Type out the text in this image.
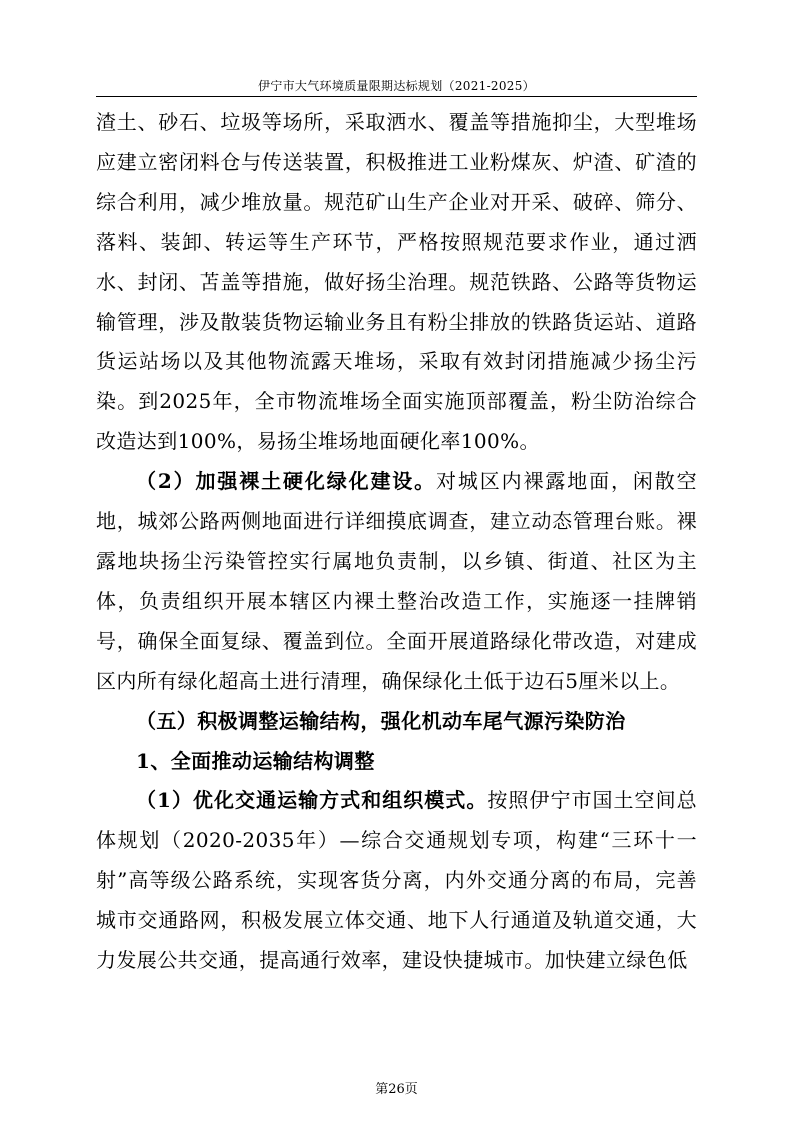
伊宁市大气环境质量限期达标规划（2021-2025）

渣土、砂石、垃圾等场所，采取洒水、覆盖等措施抑尘，大型堆场应建立密闭料仓与传送装置，积极推进工业粉煤灰、炉渣、矿渣的综合利用，减少堆放量。规范矿山生产企业对开采、破碎、筛分、落料、装卸、转运等生产环节，严格按照规范要求作业，通过洒水、封闭、苫盖等措施，做好扬尘治理。规范铁路、公路等货物运输管理，涉及散装货物运输业务且有粉尘排放的铁路货运站、道路货运站场以及其他物流露天堆场，采取有效封闭措施减少扬尘污染。到2025年，全市物流堆场全面实施顶部覆盖，粉尘防治综合改造达到100%，易扬尘堆场地面硬化率100%。

（2）加强裸土硬化绿化建设。对城区内裸露地面，闲散空地，城郊公路两侧地面进行详细摸底调查，建立动态管理台账。裸露地块扬尘污染管控实行属地负责制，以乡镇、街道、社区为主体，负责组织开展本辖区内裸土整治改造工作，实施逐一挂牌销号，确保全面复绿、覆盖到位。全面开展道路绿化带改造，对建成区内所有绿化超高土进行清理，确保绿化土低于边石5厘米以上。

（五）积极调整运输结构，强化机动车尾气源污染防治

1、全面推动运输结构调整

（1）优化交通运输方式和组织模式。按照伊宁市国土空间总体规划（2020-2035年）—综合交通规划专项，构建“三环十一射”高等级公路系统，实现客货分离，内外交通分离的布局，完善城市交通路网，积极发展立体交通、地下人行通道及轨道交通，大力发展公共交通，提高通行效率，建设快捷城市。加快建立绿色低

第26页
